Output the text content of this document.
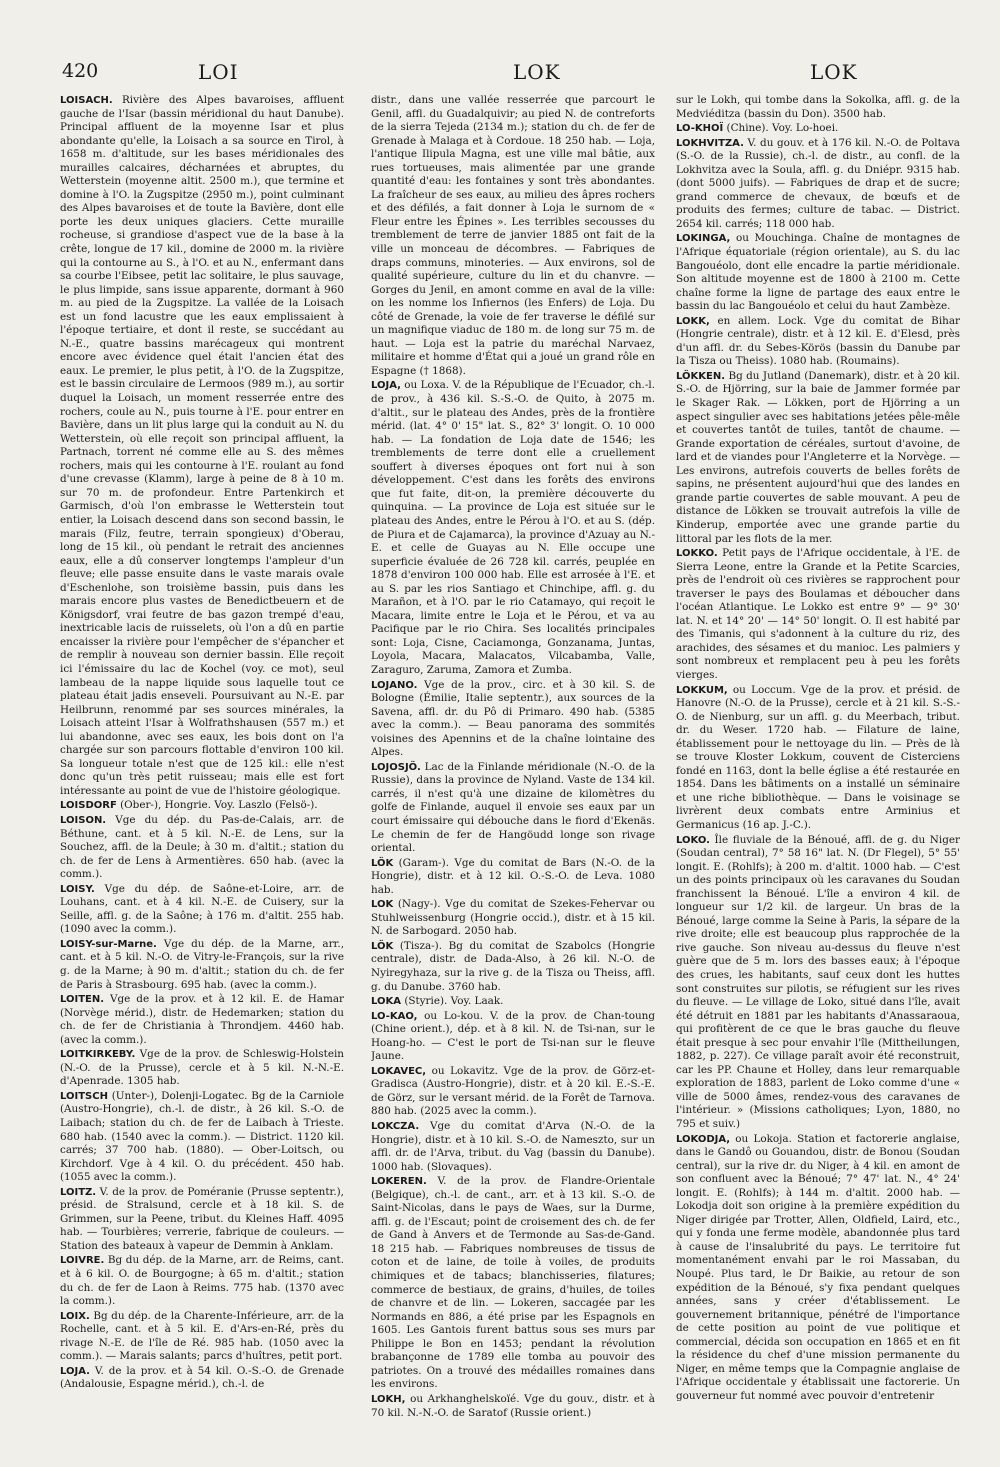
420	LOI	LOK	LOK

LOISACH. Rivière des Alpes bavaroises, affluent gauche de l'Isar (bassin méridional du haut Danube). Principal affluent de la moyenne Isar et plus abondante qu'elle, la Loisach a sa source en Tirol, à 1658 m. d'altitude, sur les bases méridionales des murailles calcaires, décharnées et abruptes, du Wetterstein (moyenne altit. 2500 m.), que termine et domine à l'O. la Zugspitze (2950 m.), point culminant des Alpes bavaroises et de toute la Bavière, dont elle porte les deux uniques glaciers. Cette muraille rocheuse, si grandiose d'aspect vue de la base à la crête, longue de 17 kil., domine de 2000 m. la rivière qui la contourne au S., à l'O. et au N., enfermant dans sa courbe l'Eibsee, petit lac solitaire, le plus sauvage, le plus limpide, sans issue apparente, dormant à 960 m. au pied de la Zugspitze. La vallée de la Loisach est un fond lacustre que les eaux emplissaient à l'époque tertiaire, et dont il reste, se succédant au N.-E., quatre bassins marécageux qui montrent encore avec évidence quel était l'ancien état des eaux. Le premier, le plus petit, à l'O. de la Zugspitze, est le bassin circulaire de Lermoos (989 m.), au sortir duquel la Loisach, un moment resserrée entre des rochers, coule au N., puis tourne à l'E. pour entrer en Bavière, dans un lit plus large qui la conduit au N. du Wetterstein, où elle reçoit son principal affluent, la Partnach, torrent né comme elle au S. des mêmes rochers, mais qui les contourne à l'E. roulant au fond d'une crevasse (Klamm), large à peine de 8 à 10 m. sur 70 m. de profondeur. Entre Partenkirch et Garmisch, d'où l'on embrasse le Wetterstein tout entier, la Loisach descend dans son second bassin, le marais (Filz, feutre, terrain spongieux) d'Oberau, long de 15 kil., où pendant le retrait des anciennes eaux, elle a dû conserver longtemps l'ampleur d'un fleuve; elle passe ensuite dans le vaste marais ovale d'Eschenlohe, son troisième bassin, puis dans les marais encore plus vastes de Benedictbeuern et de Königsdorf, vrai feutre de bas gazon trempé d'eau, inextricable lacis de ruisselets, où l'on a dû en partie encaisser la rivière pour l'empêcher de s'épancher et de remplir à nouveau son dernier bassin. Elle reçoit ici l'émissaire du lac de Kochel (voy. ce mot), seul lambeau de la nappe liquide sous laquelle tout ce plateau était jadis enseveli. Poursuivant au N.-E. par Heilbrunn, renommé par ses sources minérales, la Loisach atteint l'Isar à Wolfrathshausen (557 m.) et lui abandonne, avec ses eaux, les bois dont on l'a chargée sur son parcours flottable d'environ 100 kil. Sa longueur totale n'est que de 125 kil.: elle n'est donc qu'un très petit ruisseau; mais elle est fort intéressante au point de vue de l'histoire géologique.

LOISDORF (Ober-), Hongrie. Voy. Laszlo (Felsö-).

LOISON. Vge du dép. du Pas-de-Calais, arr. de Béthune, cant. et à 5 kil. N.-E. de Lens, sur la Souchez, affl. de la Deule; à 30 m. d'altit.; station du ch. de fer de Lens à Armentières. 650 hab. (avec la comm.).

LOISY. Vge du dép. de Saône-et-Loire, arr. de Louhans, cant. et à 4 kil. N.-E. de Cuisery, sur la Seille, affl. g. de la Saône; à 176 m. d'altit. 255 hab. (1090 avec la comm.).

LOISY-sur-Marne. Vge du dép. de la Marne, arr., cant. et à 5 kil. N.-O. de Vitry-le-François, sur la rive g. de la Marne; à 90 m. d'altit.; station du ch. de fer de Paris à Strasbourg. 695 hab. (avec la comm.).

LOITEN. Vge de la prov. et à 12 kil. E. de Hamar (Norvège mérid.), distr. de Hedemarken; station du ch. de fer de Christiania à Throndjem. 4460 hab. (avec la comm.).

LOITKIRKEBY. Vge de la prov. de Schleswig-Holstein (N.-O. de la Prusse), cercle et à 5 kil. N.-N.-E. d'Apenrade. 1305 hab.

LOITSCH (Unter-), Dolenji-Logatec. Bg de la Carniole (Austro-Hongrie), ch.-l. de distr., à 26 kil. S.-O. de Laibach; station du ch. de fer de Laibach à Trieste. 680 hab. (1540 avec la comm.). — District. 1120 kil. carrés; 37 700 hab. (1880). — Ober-Loitsch, ou Kirchdorf. Vge à 4 kil. O. du précédent. 450 hab. (1055 avec la comm.).

LOITZ. V. de la prov. de Poméranie (Prusse septentr.), présid. de Stralsund, cercle et à 18 kil. S. de Grimmen, sur la Peene, tribut. du Kleines Haff. 4095 hab. — Tourbières; verrerie, fabrique de couleurs. — Station des bateaux à vapeur de Demmin à Anklam.

LOIVRE. Bg du dép. de la Marne, arr. de Reims, cant. et à 6 kil. O. de Bourgogne; à 65 m. d'altit.; station du ch. de fer de Laon à Reims. 775 hab. (1370 avec la comm.).

LOIX. Bg du dép. de la Charente-Inférieure, arr. de la Rochelle, cant. et à 5 kil. E. d'Ars-en-Ré, près du rivage N.-E. de l'île de Ré. 985 hab. (1050 avec la comm.). — Marais salants; parcs d'huîtres, petit port.

LOJA. V. de la prov. et à 54 kil. O.-S.-O. de Grenade (Andalousie, Espagne mérid.), ch.-l. de

distr., dans une vallée resserrée que parcourt le Genil, affl. du Guadalquivir; au pied N. de contreforts de la sierra Tejeda (2134 m.); station du ch. de fer de Grenade à Malaga et à Cordoue. 18 250 hab. — Loja, l'antique Ilipula Magna, est une ville mal bâtie, aux rues tortueuses, mais alimentée par une grande quantité d'eau: les fontaines y sont très abondantes. La fraîcheur de ses eaux, au milieu des âpres rochers et des défilés, a fait donner à Loja le surnom de « Fleur entre les Épines ». Les terribles secousses du tremblement de terre de janvier 1885 ont fait de la ville un monceau de décombres. — Fabriques de draps communs, minoteries. — Aux environs, sol de qualité supérieure, culture du lin et du chanvre. — Gorges du Jenil, en amont comme en aval de la ville: on les nomme los Infiernos (les Enfers) de Loja. Du côté de Grenade, la voie de fer traverse le défilé sur un magnifique viaduc de 180 m. de long sur 75 m. de haut. — Loja est la patrie du maréchal Narvaez, militaire et homme d'État qui a joué un grand rôle en Espagne († 1868).

LOJA, ou Loxa. V. de la République de l'Ecuador, ch.-l. de prov., à 436 kil. S.-S.-O. de Quito, à 2075 m. d'altit., sur le plateau des Andes, près de la frontière mérid. (lat. 4° 0' 15" lat. S., 82° 3' longit. O. 10 000 hab. — La fondation de Loja date de 1546; les tremblements de terre dont elle a cruellement souffert à diverses époques ont fort nui à son développement. C'est dans les forêts des environs que fut faite, dit-on, la première découverte du quinquina. — La province de Loja est située sur le plateau des Andes, entre le Pérou à l'O. et au S. (dép. de Piura et de Cajamarca), la province d'Azuay au N.-E. et celle de Guayas au N. Elle occupe une superficie évaluée de 26 728 kil. carrés, peuplée en 1878 d'environ 100 000 hab. Elle est arrosée à l'E. et au S. par les rios Santiago et Chinchipe, affl. g. du Marañon, et à l'O. par le rio Catamayo, qui reçoit le Macara, limite entre le Loja et le Pérou, et va au Pacifique par le rio Chira. Ses localités principales sont: Loja, Cisne, Caciamonga, Gonzanama, Juntas, Loyola, Macara, Malacatos, Vilcabamba, Valle, Zaraguro, Zaruma, Zamora et Zumba.

LOJANO. Vge de la prov., circ. et à 30 kil. S. de Bologne (Émilie, Italie septentr.), aux sources de la Savena, affl. dr. du Pô di Primaro. 490 hab. (5385 avec la comm.). — Beau panorama des sommités voisines des Apennins et de la chaîne lointaine des Alpes.

LOJOSJÖ. Lac de la Finlande méridionale (N.-O. de la Russie), dans la province de Nyland. Vaste de 134 kil. carrés, il n'est qu'à une dizaine de kilomètres du golfe de Finlande, auquel il envoie ses eaux par un court émissaire qui débouche dans le fiord d'Ekenäs. Le chemin de fer de Hangöudd longe son rivage oriental.

LÖK (Garam-). Vge du comitat de Bars (N.-O. de la Hongrie), distr. et à 12 kil. O.-S.-O. de Leva. 1080 hab.

LOK (Nagy-). Vge du comitat de Szekes-Fehervar ou Stuhlweissenburg (Hongrie occid.), distr. et à 15 kil. N. de Sarbogard. 2050 hab.

LÖK (Tisza-). Bg du comitat de Szabolcs (Hongrie centrale), distr. de Dada-Also, à 26 kil. N.-O. de Nyiregyhaza, sur la rive g. de la Tisza ou Theiss, affl. g. du Danube. 3760 hab.

LOKA (Styrie). Voy. Laak.

LO-KAO, ou Lo-kou. V. de la prov. de Chan-toung (Chine orient.), dép. et à 8 kil. N. de Tsi-nan, sur le Hoang-ho. — C'est le port de Tsi-nan sur le fleuve Jaune.

LOKAVEC, ou Lokavitz. Vge de la prov. de Görz-et-Gradisca (Austro-Hongrie), distr. et à 20 kil. E.-S.-E. de Görz, sur le versant mérid. de la Forêt de Tarnova. 880 hab. (2025 avec la comm.).

LOKCZA. Vge du comitat d'Arva (N.-O. de la Hongrie), distr. et à 10 kil. S.-O. de Nameszto, sur un affl. dr. de l'Arva, tribut. du Vag (bassin du Danube). 1000 hab. (Slovaques).

LOKEREN. V. de la prov. de Flandre-Orientale (Belgique), ch.-l. de cant., arr. et à 13 kil. S.-O. de Saint-Nicolas, dans le pays de Waes, sur la Durme, affl. g. de l'Escaut; point de croisement des ch. de fer de Gand à Anvers et de Termonde au Sas-de-Gand. 18 215 hab. — Fabriques nombreuses de tissus de coton et de laine, de toile à voiles, de produits chimiques et de tabacs; blanchisseries, filatures; commerce de bestiaux, de grains, d'huiles, de toiles de chanvre et de lin. — Lokeren, saccagée par les Normands en 886, a été prise par les Espagnols en 1605. Les Gantois furent battus sous ses murs par Philippe le Bon en 1453; pendant la révolution brabançonne de 1789 elle tomba au pouvoir des patriotes. On a trouvé des médailles romaines dans les environs.

LOKH, ou Arkhanghelskoïé. Vge du gouv., distr. et à 70 kil. N.-N.-O. de Saratof (Russie orient.)

sur le Lokh, qui tombe dans la Sokolka, affl. g. de la Medviéditza (bassin du Don). 3500 hab.

LO-KHOÏ (Chine). Voy. Lo-hoei.

LOKHVITZA. V. du gouv. et à 176 kil. N.-O. de Poltava (S.-O. de la Russie), ch.-l. de distr., au confl. de la Lokhvitza avec la Soula, affl. g. du Dniépr. 9315 hab. (dont 5000 juifs). — Fabriques de drap et de sucre; grand commerce de chevaux, de bœufs et de produits des fermes; culture de tabac. — District. 2654 kil. carrés; 118 000 hab.

LOKINGA, ou Mouchinga. Chaîne de montagnes de l'Afrique équatoriale (région orientale), au S. du lac Bangouéolo, dont elle encadre la partie méridionale. Son altitude moyenne est de 1800 à 2100 m. Cette chaîne forme la ligne de partage des eaux entre le bassin du lac Bangouéolo et celui du haut Zambèze.

LOKK, en allem. Lock. Vge du comitat de Bihar (Hongrie centrale), distr. et à 12 kil. E. d'Elesd, près d'un affl. dr. du Sebes-Körös (bassin du Danube par la Tisza ou Theiss). 1080 hab. (Roumains).

LÖKKEN. Bg du Jutland (Danemark), distr. et à 20 kil. S.-O. de Hjörring, sur la baie de Jammer formée par le Skager Rak. — Lökken, port de Hjörring a un aspect singulier avec ses habitations jetées pêle-mêle et couvertes tantôt de tuiles, tantôt de chaume. — Grande exportation de céréales, surtout d'avoine, de lard et de viandes pour l'Angleterre et la Norvège. — Les environs, autrefois couverts de belles forêts de sapins, ne présentent aujourd'hui que des landes en grande partie couvertes de sable mouvant. A peu de distance de Lökken se trouvait autrefois la ville de Kinderup, emportée avec une grande partie du littoral par les flots de la mer.

LOKKO. Petit pays de l'Afrique occidentale, à l'E. de Sierra Leone, entre la Grande et la Petite Scarcies, près de l'endroit où ces rivières se rapprochent pour traverser le pays des Boulamas et déboucher dans l'océan Atlantique. Le Lokko est entre 9° — 9° 30' lat. N. et 14° 20' — 14° 50' longit. O. Il est habité par des Timanis, qui s'adonnent à la culture du riz, des arachides, des sésames et du manioc. Les palmiers y sont nombreux et remplacent peu à peu les forêts vierges.

LOKKUM, ou Loccum. Vge de la prov. et présid. de Hanovre (N.-O. de la Prusse), cercle et à 21 kil. S.-S.-O. de Nienburg, sur un affl. g. du Meerbach, tribut. dr. du Weser. 1720 hab. — Filature de laine, établissement pour le nettoyage du lin. — Près de là se trouve Kloster Lokkum, couvent de Cisterciens fondé en 1163, dont la belle église a été restaurée en 1854. Dans les bâtiments on a installé un séminaire et une riche bibliothèque. — Dans le voisinage se livrèrent deux combats entre Arminius et Germanicus (16 ap. J.-C.).

LOKO. Île fluviale de la Bénoué, affl. de g. du Niger (Soudan central), 7° 58 16" lat. N. (Dr Flegel), 5° 55' longit. E. (Rohlfs); à 200 m. d'altit. 1000 hab. — C'est un des points principaux où les caravanes du Soudan franchissent la Bénoué. L'île a environ 4 kil. de longueur sur 1/2 kil. de largeur. Un bras de la Bénoué, large comme la Seine à Paris, la sépare de la rive droite; elle est beaucoup plus rapprochée de la rive gauche. Son niveau au-dessus du fleuve n'est guère que de 5 m. lors des basses eaux; à l'époque des crues, les habitants, sauf ceux dont les huttes sont construites sur pilotis, se réfugient sur les rives du fleuve. — Le village de Loko, situé dans l'île, avait été détruit en 1881 par les habitants d'Anassaraoua, qui profitèrent de ce que le bras gauche du fleuve était presque à sec pour envahir l'île (Mittheilungen, 1882, p. 227). Ce village paraît avoir été reconstruit, car les PP. Chaune et Holley, dans leur remarquable exploration de 1883, parlent de Loko comme d'une « ville de 5000 âmes, rendez-vous des caravanes de l'intérieur. » (Missions catholiques; Lyon, 1880, no 795 et suiv.)

LOKODJA, ou Lokoja. Station et factorerie anglaise, dans le Gandô ou Gouandou, distr. de Bonou (Soudan central), sur la rive dr. du Niger, à 4 kil. en amont de son confluent avec la Bénoué; 7° 47' lat. N., 4° 24' longit. E. (Rohlfs); à 144 m. d'altit. 2000 hab. — Lokodja doit son origine à la première expédition du Niger dirigée par Trotter, Allen, Oldfield, Laird, etc., qui y fonda une ferme modèle, abandonnée plus tard à cause de l'insalubrité du pays. Le territoire fut momentanément envahi par le roi Massaban, du Noupé. Plus tard, le Dr Baikie, au retour de son expédition de la Bénoué, s'y fixa pendant quelques années, sans y créer d'établissement. Le gouvernement britannique, pénétré de l'importance de cette position au point de vue politique et commercial, décida son occupation en 1865 et en fit la résidence du chef d'une mission permanente du Niger, en même temps que la Compagnie anglaise de l'Afrique occidentale y établissait une factorerie. Un gouverneur fut nommé avec pouvoir d'entretenir
